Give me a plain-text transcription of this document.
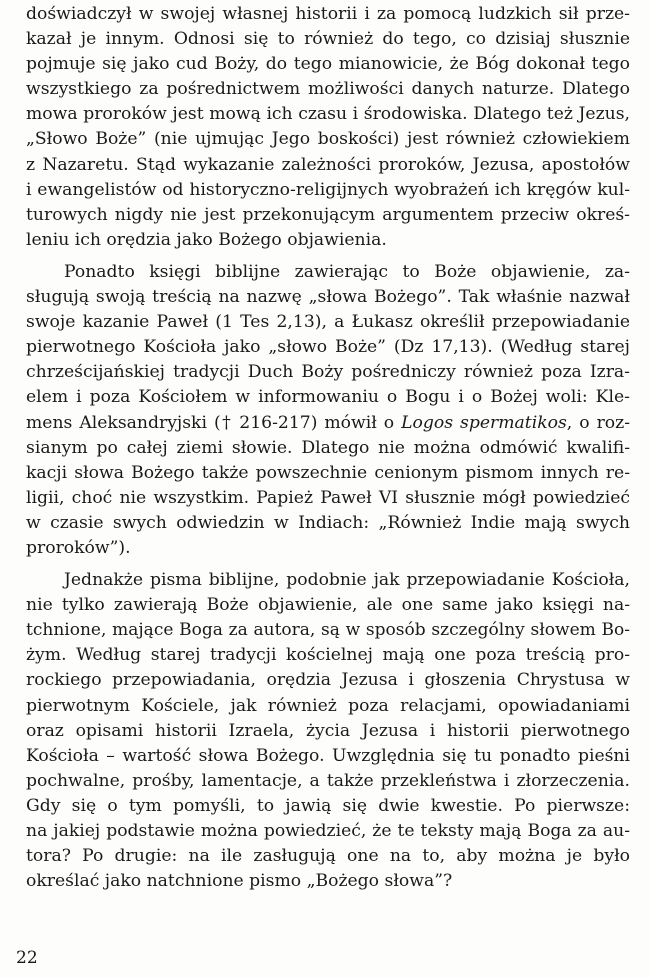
doświadczył w swojej własnej historii i za pomocą ludzkich sił prze-
kazał je innym. Odnosi się to również do tego, co dzisiaj słusznie
pojmuje się jako cud Boży, do tego mianowicie, że Bóg dokonał tego
wszystkiego za pośrednictwem możliwości danych naturze. Dlatego
mowa proroków jest mową ich czasu i środowiska. Dlatego też Jezus,
„Słowo Boże” (nie ujmując Jego boskości) jest również człowiekiem
z Nazaretu. Stąd wykazanie zależności proroków, Jezusa, apostołów
i ewangelistów od historyczno-religijnych wyobrażeń ich kręgów kul-
turowych nigdy nie jest przekonującym argumentem przeciw okreś-
leniu ich orędzia jako Bożego objawienia.

Ponadto księgi biblijne zawierając to Boże objawienie, za-
sługują swoją treścią na nazwę „słowa Bożego”. Tak właśnie nazwał
swoje kazanie Paweł (1 Tes 2,13), a Łukasz określił przepowiadanie
pierwotnego Kościoła jako „słowo Boże” (Dz 17,13). (Według starej
chrześcijańskiej tradycji Duch Boży pośredniczy również poza Izra-
elem i poza Kościołem w informowaniu o Bogu i o Bożej woli: Kle-
mens Aleksandryjski († 216-217) mówił o Logos spermatikos, o roz-
sianym po całej ziemi słowie. Dlatego nie można odmówić kwalifi-
kacji słowa Bożego także powszechnie cenionym pismom innych re-
ligii, choć nie wszystkim. Papież Paweł VI słusznie mógł powiedzieć
w czasie swych odwiedzin w Indiach: „Również Indie mają swych
proroków”).

Jednakże pisma biblijne, podobnie jak przepowiadanie Kościoła,
nie tylko zawierają Boże objawienie, ale one same jako księgi na-
tchnione, mające Boga za autora, są w sposób szczególny słowem Bo-
żym. Według starej tradycji kościelnej mają one poza treścią pro-
rockiego przepowiadania, orędzia Jezusa i głoszenia Chrystusa w
pierwotnym Kościele, jak również poza relacjami, opowiadaniami
oraz opisami historii Izraela, życia Jezusa i historii pierwotnego
Kościoła – wartość słowa Bożego. Uwzględnia się tu ponadto pieśni
pochwalne, prośby, lamentacje, a także przekleństwa i złorzeczenia.
Gdy się o tym pomyśli, to jawią się dwie kwestie. Po pierwsze:
na jakiej podstawie można powiedzieć, że te teksty mają Boga za au-
tora? Po drugie: na ile zasługują one na to, aby można je było
określać jako natchnione pismo „Bożego słowa”?

22
